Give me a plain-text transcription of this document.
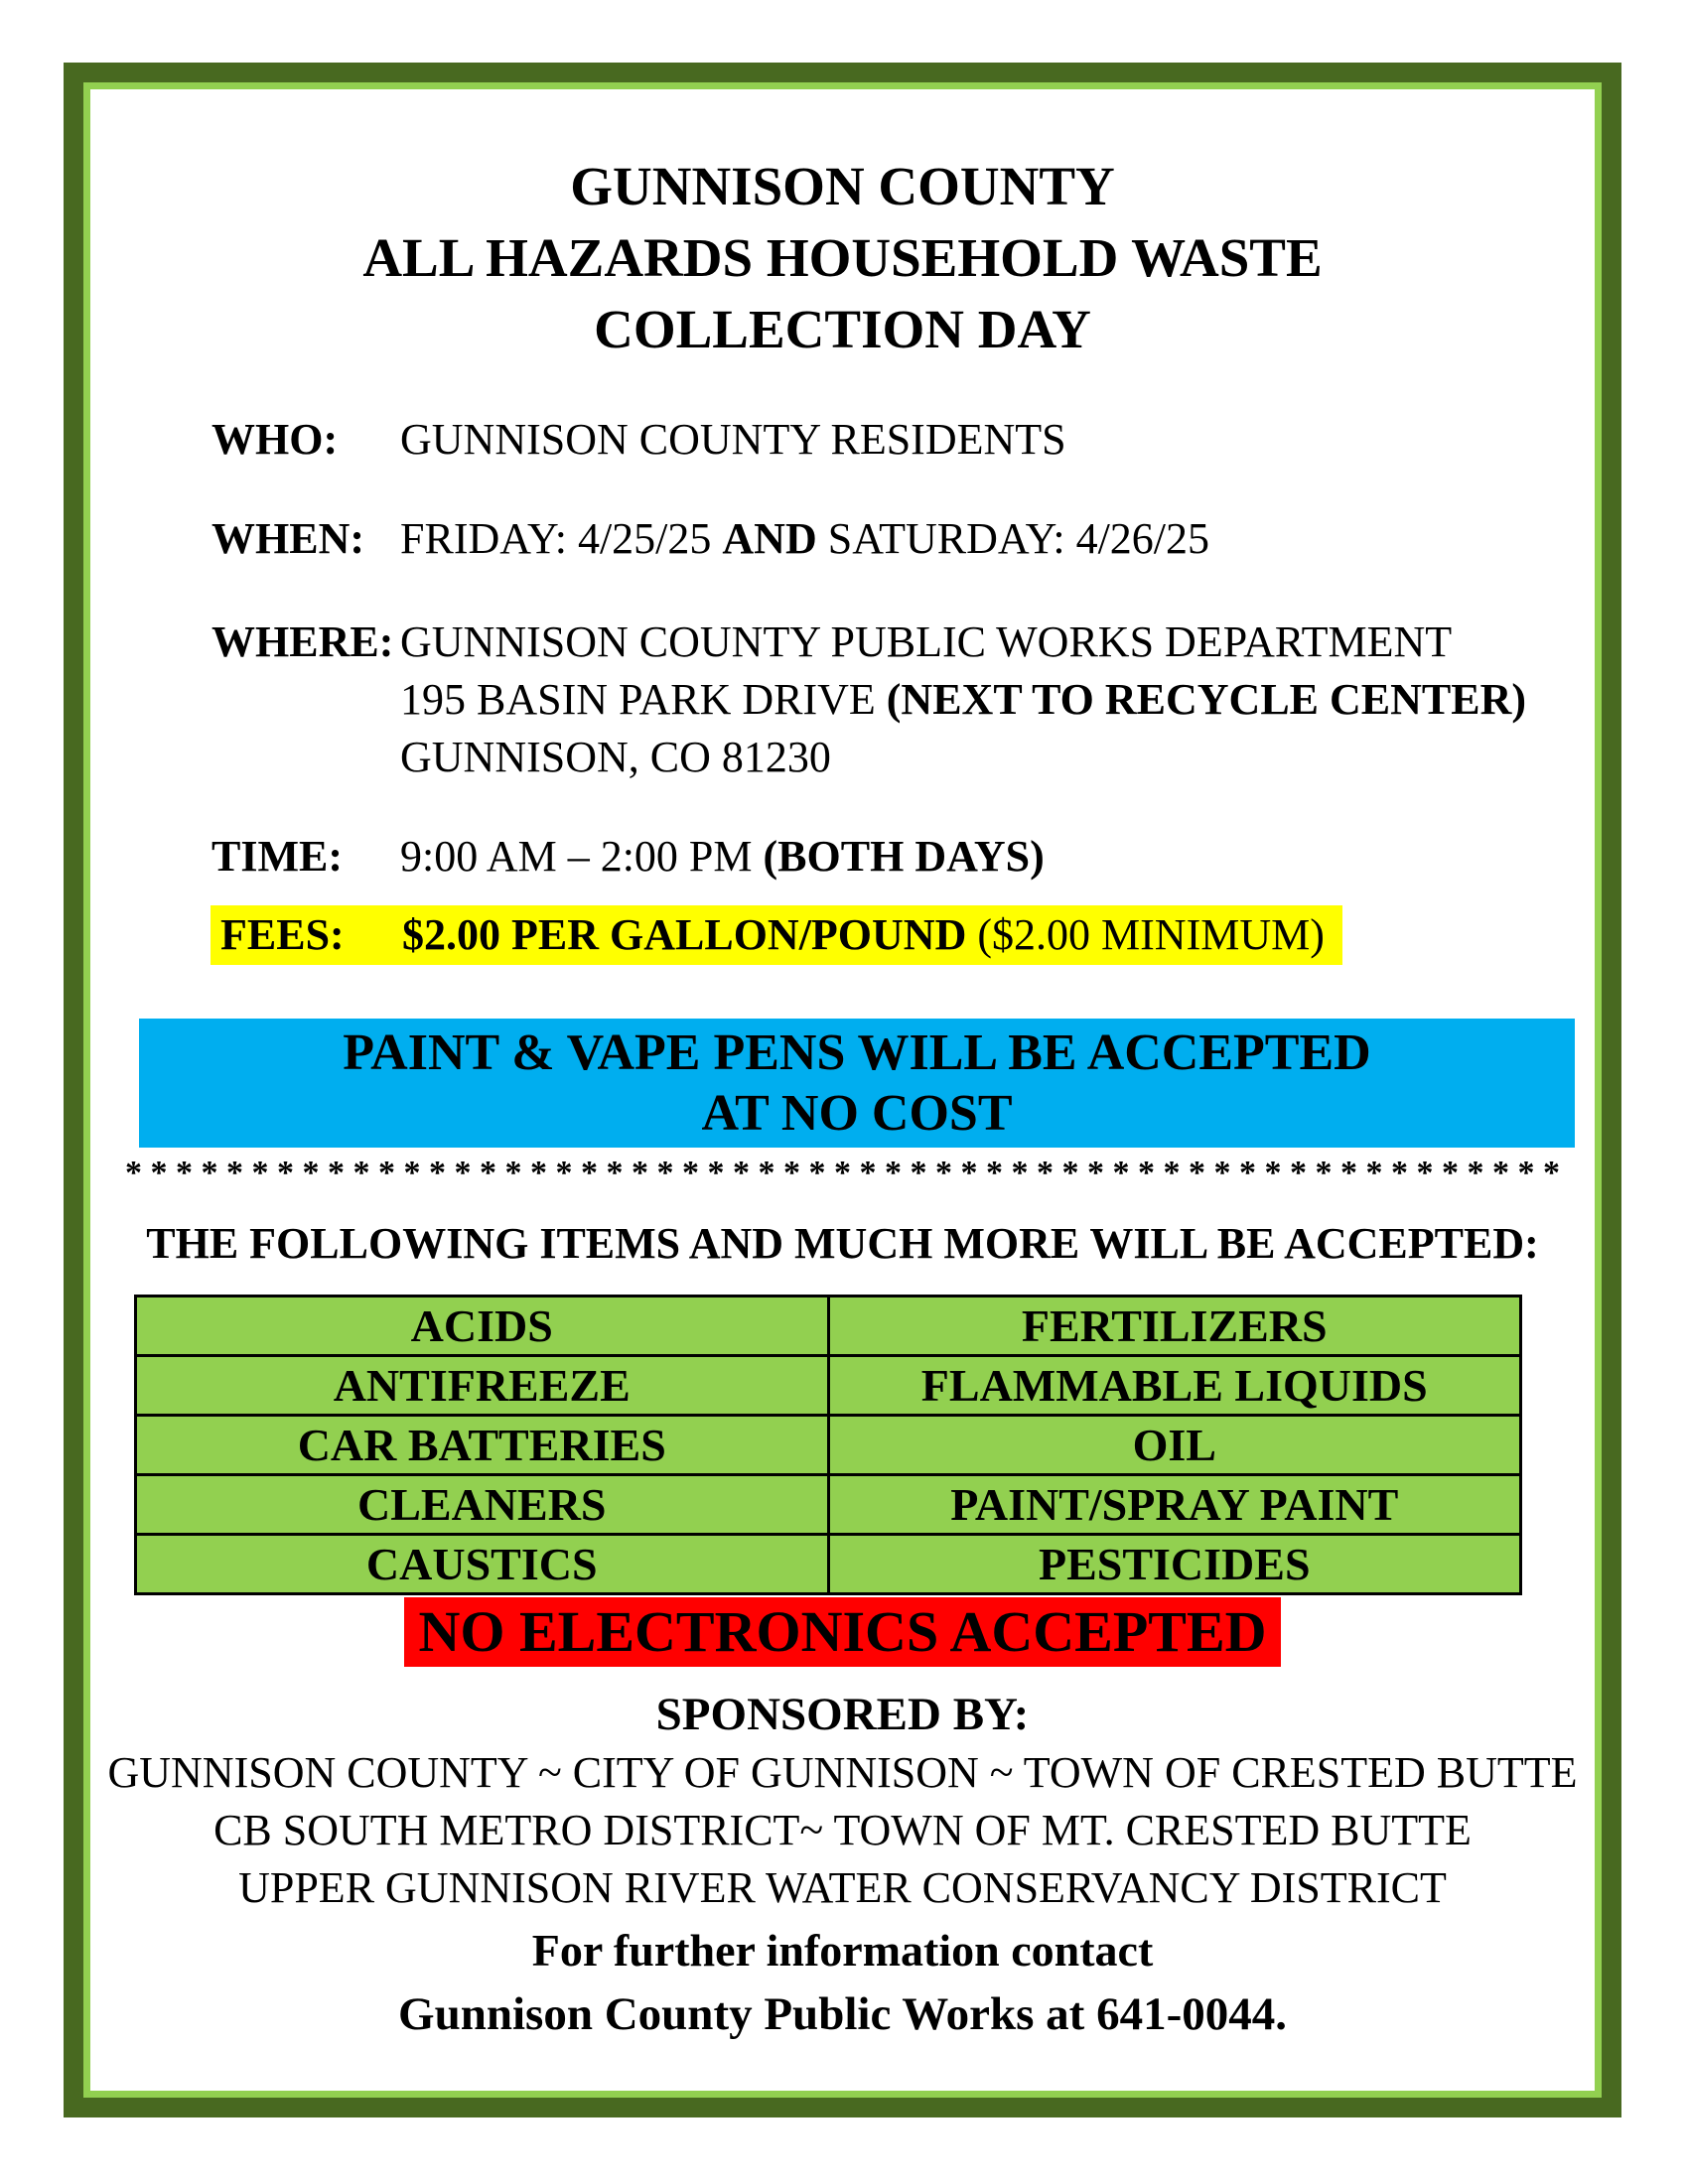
GUNNISON COUNTY
ALL HAZARDS HOUSEHOLD WASTE
COLLECTION DAY
WHO:	GUNNISON COUNTY RESIDENTS
WHEN: FRIDAY: 4/25/25 AND SATURDAY: 4/26/25
WHERE: GUNNISON COUNTY PUBLIC WORKS DEPARTMENT
195 BASIN PARK DRIVE (NEXT TO RECYCLE CENTER)
GUNNISON, CO 81230
TIME:	9:00 AM – 2:00 PM (BOTH DAYS)
FEES: $2.00 PER GALLON/POUND ($2.00 MINIMUM)
PAINT & VAPE PENS WILL BE ACCEPTED
AT NO COST
* * * * * * * * * * * * * * * * * * * * * * * * * * * * * * * * * * * * * * * * * * * * * * * * * * * * * * * * *
THE FOLLOWING ITEMS AND MUCH MORE WILL BE ACCEPTED:
ACIDS	FERTILIZERS
ANTIFREEZE	FLAMMABLE LIQUIDS
CAR BATTERIES	OIL
CLEANERS	PAINT/SPRAY PAINT
CAUSTICS	PESTICIDES
NO ELECTRONICS ACCEPTED
SPONSORED BY:
GUNNISON COUNTY ~ CITY OF GUNNISON ~ TOWN OF CRESTED BUTTE
CB SOUTH METRO DISTRICT~ TOWN OF MT. CRESTED BUTTE
UPPER GUNNISON RIVER WATER CONSERVANCY DISTRICT
For further information contact
Gunnison County Public Works at 641-0044.
